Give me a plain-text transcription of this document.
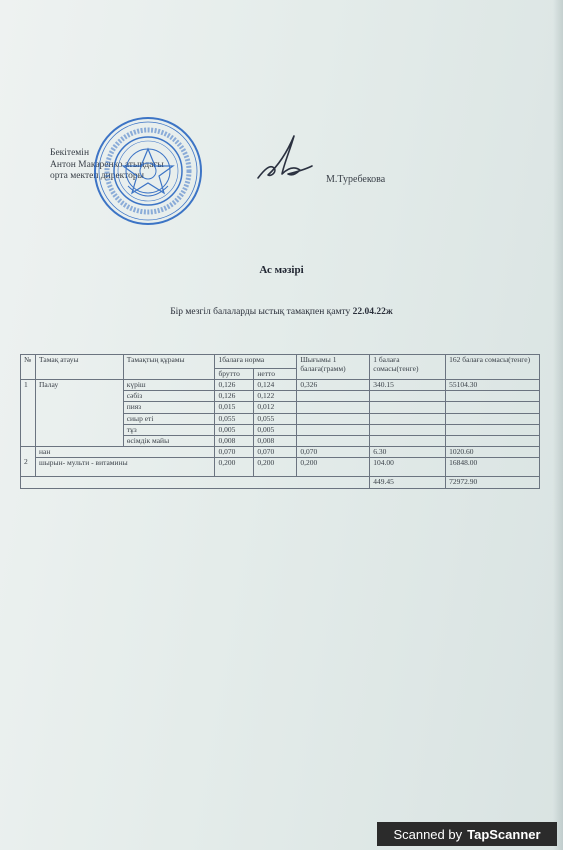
Бекітемін
Антон Макаренко атындағы
орта мектеп директоры	М.Туребекова
Ас мәзірі
Бір мезгіл балаларды ыстық тамақпен қамту 22.04.22ж
№	Тамақ атауы	Тамақтың құрамы	1балаға норма		Шығымы 1 балаға(грамм)	1 балаға сомасы(тенге)	162 балаға сомасы(тенге)
			брутто	нетто			
1	Палау	күріш	0,126	0,124	0,326	340.15	55104.30
		сәбіз	0,126	0,122			
		пияз	0,015	0,012			
		сиыр еті	0,055	0,055			
		тұз	0,005	0,005			
		өсімдік майы	0,008	0,008			
2	нан		0,070	0,070	0,070	6.30	1020.60
	шырын- мульти - витамины		0,200	0,200	0,200	104.00	16848.00
						449.45	72972.90
Scanned by TapScanner
